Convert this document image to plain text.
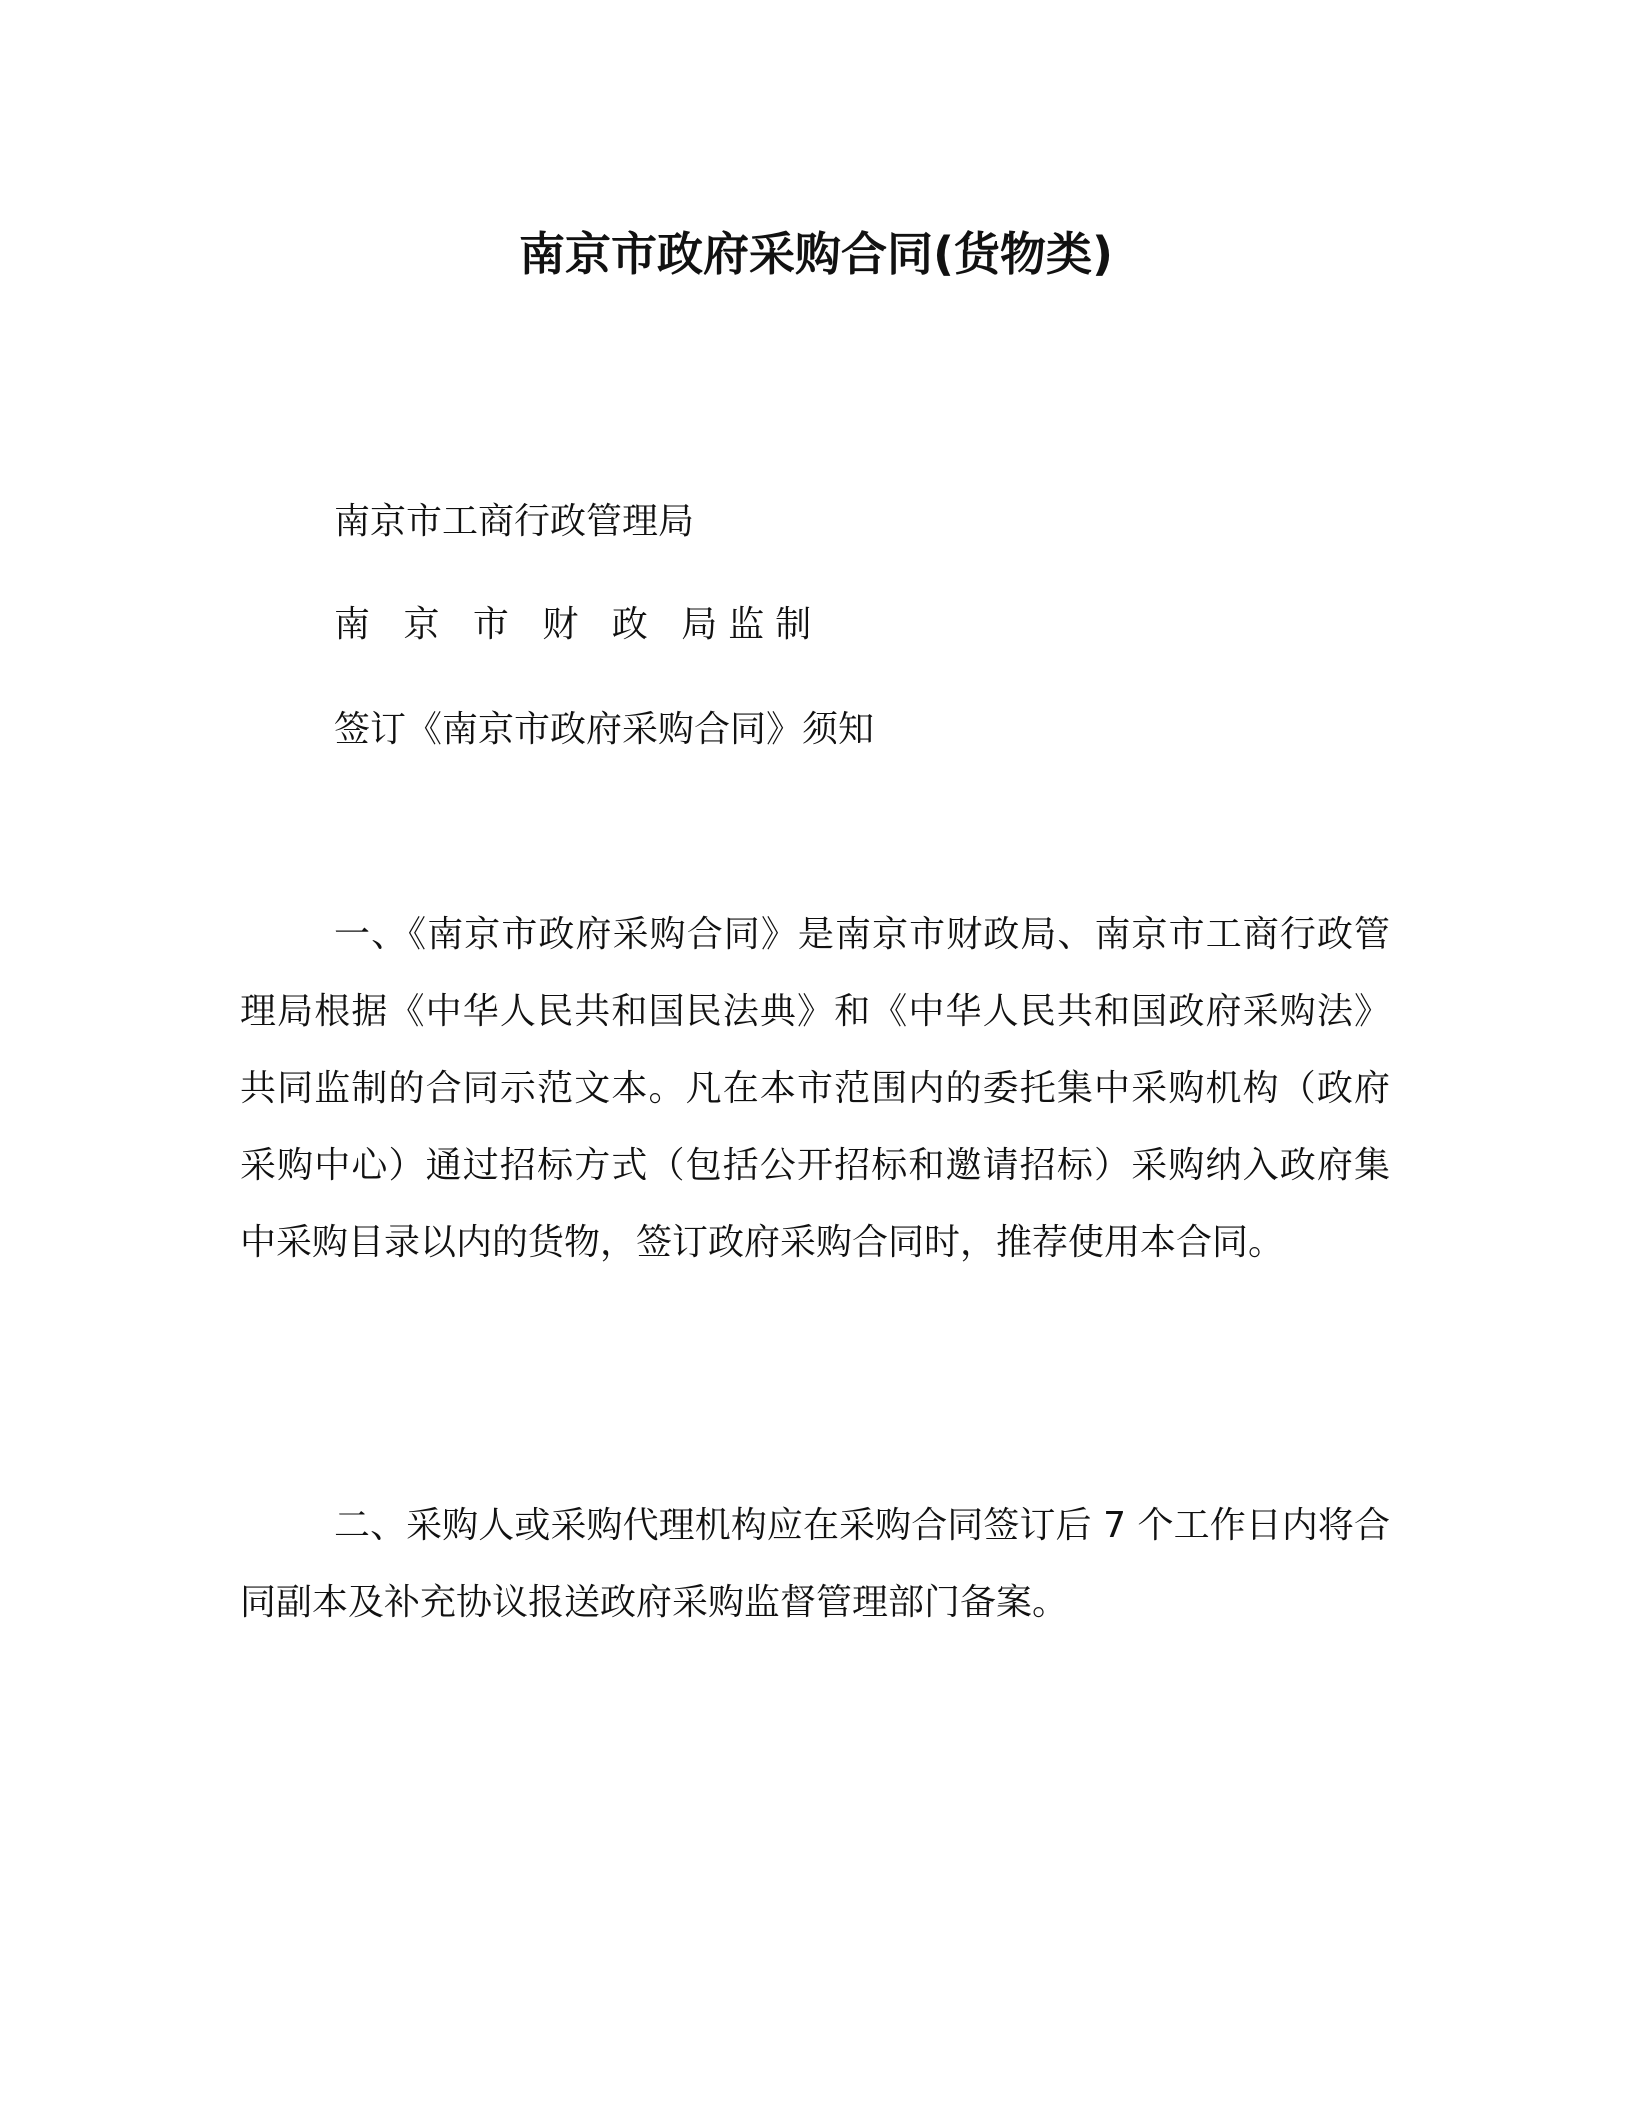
南京市政府采购合同(货物类)
南京市工商行政管理局
南 京 市 财 政 局监制
签订《南京市政府采购合同》须知

一、《南京市政府采购合同》是南京市财政局、南京市工商行政管理局根据《中华人民共和国民法典》和《中华人民共和国政府采购法》共同监制的合同示范文本。凡在本市范围内的委托集中采购机构（政府采购中心）通过招标方式（包括公开招标和邀请招标）采购纳入政府集中采购目录以内的货物，签订政府采购合同时，推荐使用本合同。

二、采购人或采购代理机构应在采购合同签订后 7 个工作日内将合同副本及补充协议报送政府采购监督管理部门备案。
